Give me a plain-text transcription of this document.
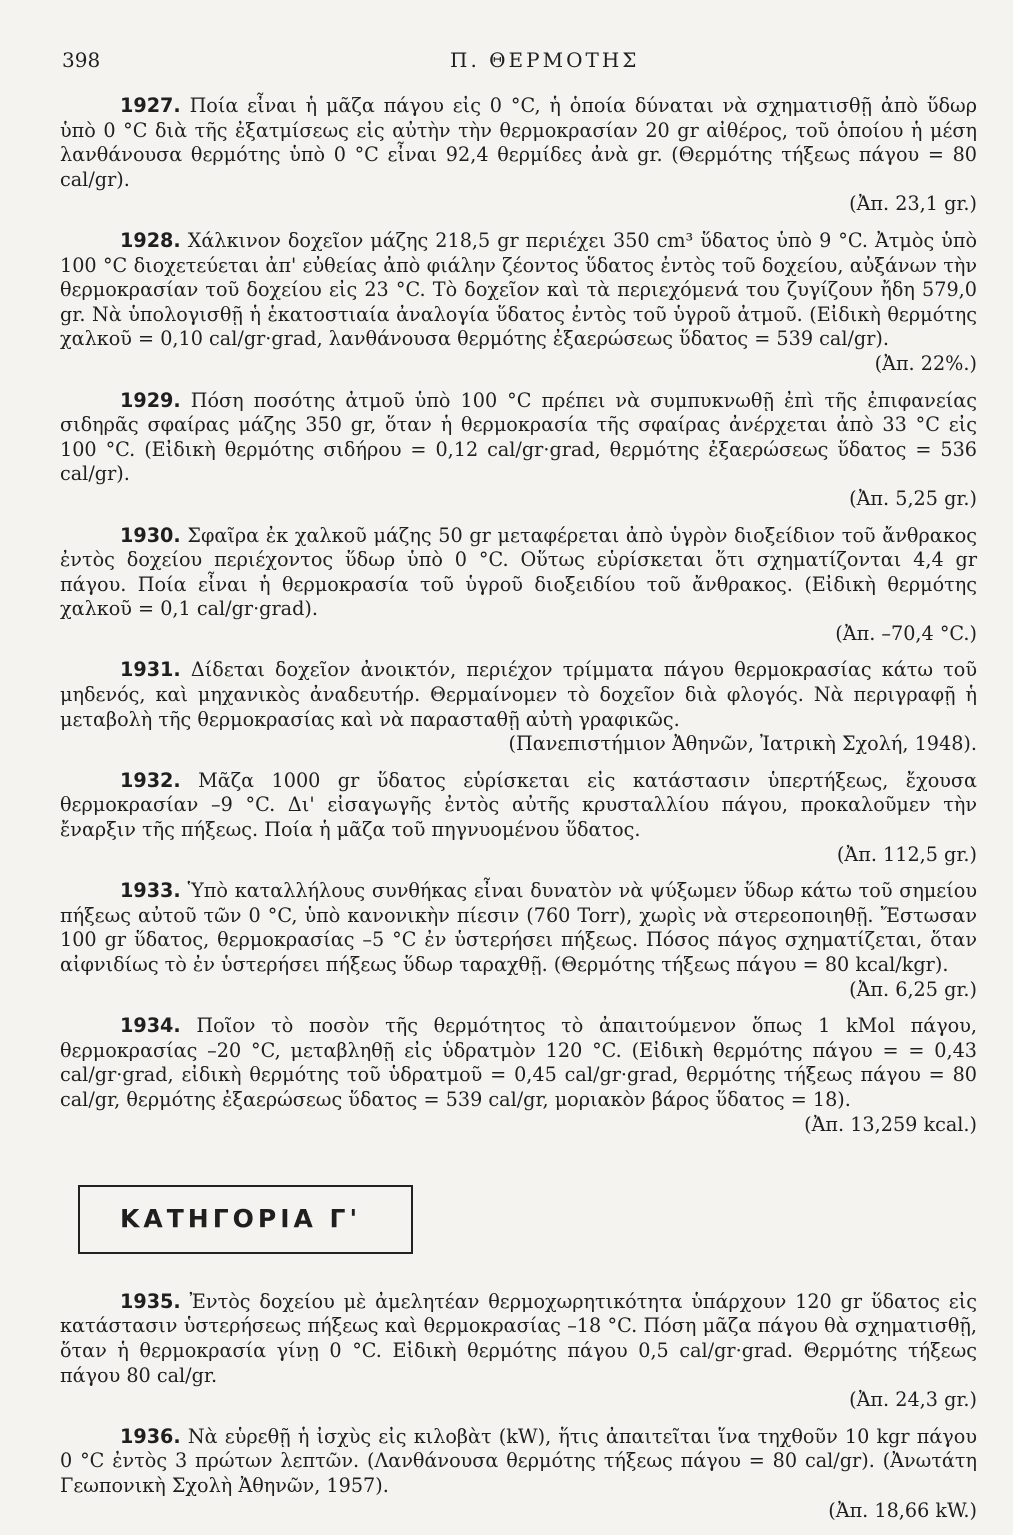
398	Π. ΘΕΡΜΟΤΗΣ

1927. Ποία εἶναι ἡ μᾶζα πάγου εἰς 0 °C, ἡ ὁποία δύναται νὰ σχηματισθῇ ἀπὸ ὕδωρ ὑπὸ 0 °C διὰ τῆς ἐξατμίσεως εἰς αὐτὴν τὴν θερμοκρασίαν 20 gr αἰθέρος, τοῦ ὁποίου ἡ μέση λανθάνουσα θερμότης ὑπὸ 0 °C εἶναι 92,4 θερμίδες ἀνὰ gr. (Θερμότης τήξεως πάγου = 80 cal/gr).
(Ἀπ. 23,1 gr.)

1928. Χάλκινον δοχεῖον μάζης 218,5 gr περιέχει 350 cm³ ὕδατος ὑπὸ 9 °C. Ἀτμὸς ὑπὸ 100 °C διοχετεύεται ἀπ' εὐθείας ἀπὸ φιάλην ζέοντος ὕδατος ἐντὸς τοῦ δοχείου, αὐξάνων τὴν θερμοκρασίαν τοῦ δοχείου εἰς 23 °C. Τὸ δοχεῖον καὶ τὰ περιεχόμενά του ζυγίζουν ἤδη 579,0 gr. Νὰ ὑπολογισθῇ ἡ ἑκατοστιαία ἀναλογία ὕδατος ἐντὸς τοῦ ὑγροῦ ἀτμοῦ. (Εἰδικὴ θερμότης χαλκοῦ = 0,10 cal/gr·grad, λανθάνουσα θερμότης ἐξαερώσεως ὕδατος = 539 cal/gr).
(Ἀπ. 22%.)

1929. Πόση ποσότης ἀτμοῦ ὑπὸ 100 °C πρέπει νὰ συμπυκνωθῇ ἐπὶ τῆς ἐπιφανείας σιδηρᾶς σφαίρας μάζης 350 gr, ὅταν ἡ θερμοκρασία τῆς σφαίρας ἀνέρχεται ἀπὸ 33 °C εἰς 100 °C. (Εἰδικὴ θερμότης σιδήρου = 0,12 cal/gr·grad, θερμότης ἐξαερώσεως ὕδατος = 536 cal/gr).
(Ἀπ. 5,25 gr.)

1930. Σφαῖρα ἐκ χαλκοῦ μάζης 50 gr μεταφέρεται ἀπὸ ὑγρὸν διοξείδιον τοῦ ἄνθρακος ἐντὸς δοχείου περιέχοντος ὕδωρ ὑπὸ 0 °C. Οὕτως εὑρίσκεται ὅτι σχηματίζονται 4,4 gr πάγου. Ποία εἶναι ἡ θερμοκρασία τοῦ ὑγροῦ διοξειδίου τοῦ ἄνθρακος. (Εἰδικὴ θερμότης χαλκοῦ = 0,1 cal/gr·grad).
(Ἀπ. –70,4 °C.)

1931. Δίδεται δοχεῖον ἀνοικτόν, περιέχον τρίμματα πάγου θερμοκρασίας κάτω τοῦ μηδενός, καὶ μηχανικὸς ἀναδευτήρ. Θερμαίνομεν τὸ δοχεῖον διὰ φλογός. Νὰ περιγραφῇ ἡ μεταβολὴ τῆς θερμοκρασίας καὶ νὰ παρασταθῇ αὐτὴ γραφικῶς.
(Πανεπιστήμιον Ἀθηνῶν, Ἰατρικὴ Σχολή, 1948).

1932. Μᾶζα 1000 gr ὕδατος εὑρίσκεται εἰς κατάστασιν ὑπερτήξεως, ἔχουσα θερμοκρασίαν –9 °C. Δι' εἰσαγωγῆς ἐντὸς αὐτῆς κρυσταλλίου πάγου, προκαλοῦμεν τὴν ἔναρξιν τῆς πήξεως. Ποία ἡ μᾶζα τοῦ πηγνυομένου ὕδατος.
(Ἀπ. 112,5 gr.)

1933. Ὑπὸ καταλλήλους συνθήκας εἶναι δυνατὸν νὰ ψύξωμεν ὕδωρ κάτω τοῦ σημείου πήξεως αὐτοῦ τῶν 0 °C, ὑπὸ κανονικὴν πίεσιν (760 Torr), χωρὶς νὰ στερεοποιηθῇ. Ἔστωσαν 100 gr ὕδατος, θερμοκρασίας –5 °C ἐν ὑστερήσει πήξεως. Πόσος πάγος σχηματίζεται, ὅταν αἰφνιδίως τὸ ἐν ὑστερήσει πήξεως ὕδωρ ταραχθῇ. (Θερμότης τήξεως πάγου = 80 kcal/kgr).
(Ἀπ. 6,25 gr.)

1934. Ποῖον τὸ ποσὸν τῆς θερμότητος τὸ ἀπαιτούμενον ὅπως 1 kMol πάγου, θερμοκρασίας –20 °C, μεταβληθῇ εἰς ὑδρατμὸν 120 °C. (Εἰδικὴ θερμότης πάγου = = 0,43 cal/gr·grad, εἰδικὴ θερμότης τοῦ ὑδρατμοῦ = 0,45 cal/gr·grad, θερμότης τήξεως πάγου = 80 cal/gr, θερμότης ἐξαερώσεως ὕδατος = 539 cal/gr, μοριακὸν βάρος ὕδατος = 18).
(Ἀπ. 13,259 kcal.)

ΚΑΤΗΓΟΡΙΑ Γ'

1935. Ἐντὸς δοχείου μὲ ἀμελητέαν θερμοχωρητικότητα ὑπάρχουν 120 gr ὕδατος εἰς κατάστασιν ὑστερήσεως πήξεως καὶ θερμοκρασίας –18 °C. Πόση μᾶζα πάγου θὰ σχηματισθῇ, ὅταν ἡ θερμοκρασία γίνῃ 0 °C. Εἰδικὴ θερμότης πάγου 0,5 cal/gr·grad. Θερμότης τήξεως πάγου 80 cal/gr.
(Ἀπ. 24,3 gr.)

1936. Νὰ εὑρεθῇ ἡ ἰσχὺς εἰς κιλοβὰτ (kW), ἥτις ἀπαιτεῖται ἵνα τηχθοῦν 10 kgr πάγου 0 °C ἐντὸς 3 πρώτων λεπτῶν. (Λανθάνουσα θερμότης τήξεως πάγου = 80 cal/gr). (Ἀνωτάτη Γεωπονικὴ Σχολὴ Ἀθηνῶν, 1957).
(Ἀπ. 18,66 kW.)
